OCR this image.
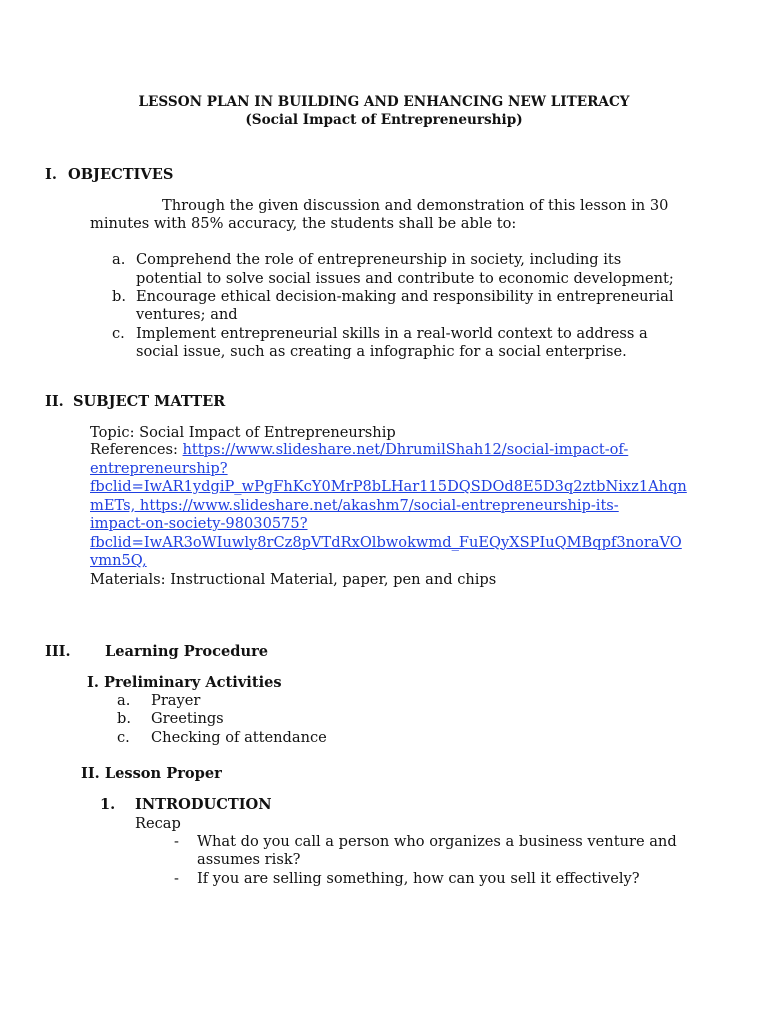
LESSON PLAN IN BUILDING AND ENHANCING NEW LITERACY
(Social Impact of Entrepreneurship)
I. OBJECTIVES
Through the given discussion and demonstration of this lesson in 30
minutes with 85% accuracy, the students shall be able to:
a. Comprehend the role of entrepreneurship in society, including its
potential to solve social issues and contribute to economic development;
b. Encourage ethical decision-making and responsibility in entrepreneurial
ventures; and
c. Implement entrepreneurial skills in a real-world context to address a
social issue, such as creating a infographic for a social enterprise.
II. SUBJECT MATTER
Topic: Social Impact of Entrepreneurship
References: https://www.slideshare.net/DhrumilShah12/social-impact-of-
entrepreneurship?
fbclid=IwAR1ydgiP_wPgFhKcY0MrP8bLHar115DQSDOd8E5D3q2ztbNixz1Ahqn
mETs, https://www.slideshare.net/akashm7/social-entrepreneurship-its-
impact-on-society-98030575?
fbclid=IwAR3oWIuwly8rCz8pVTdRxOlbwokwmd_FuEQyXSPIuQMBqpf3noraVO
vmn5Q,
Materials: Instructional Material, paper, pen and chips
III. Learning Procedure
I. Preliminary Activities
a. Prayer
b. Greetings
c. Checking of attendance
II. Lesson Proper
1. INTRODUCTION
Recap
- What do you call a person who organizes a business venture and
assumes risk?
- If you are selling something, how can you sell it effectively?
